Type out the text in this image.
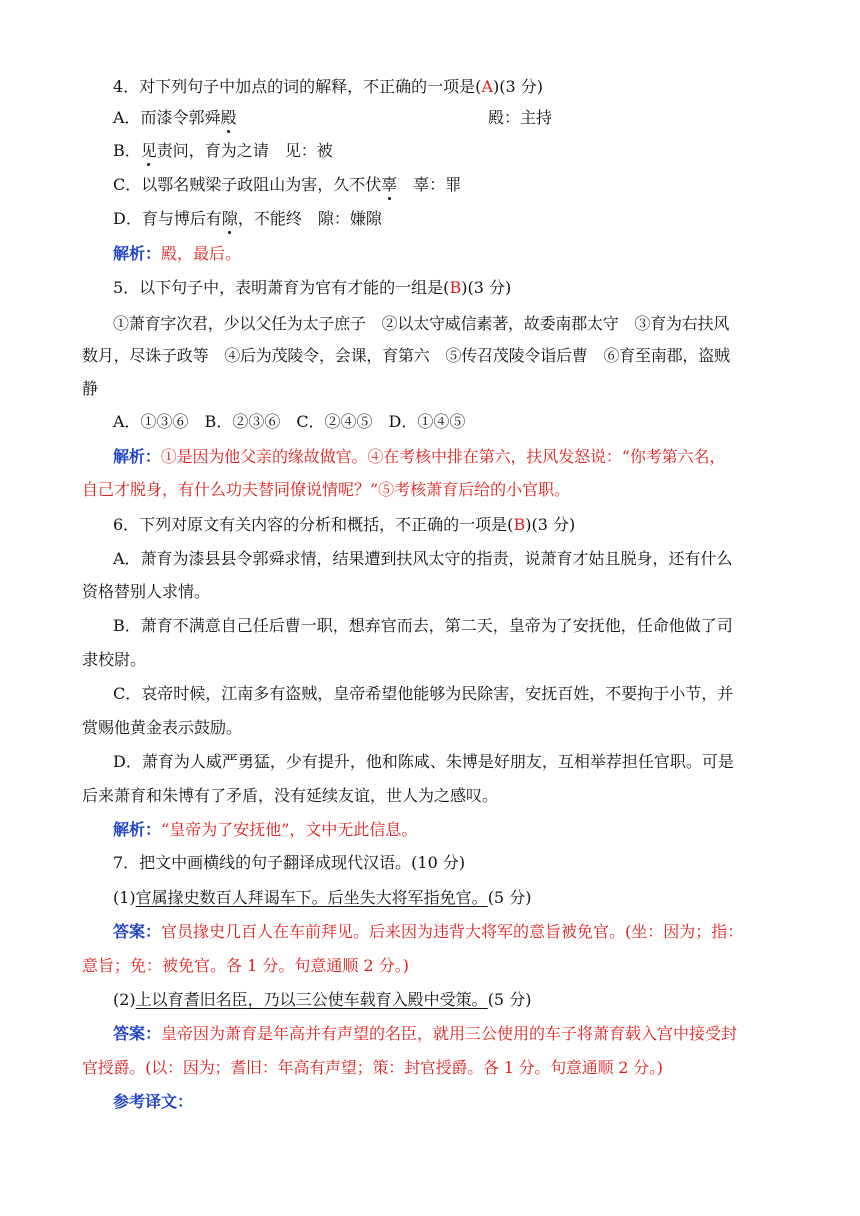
4．对下列句子中加点的词的解释，不正确的一项是(A)(3 分)
A．而漆令郭舜殿	殿：主持
B．见责问，育为之请　见：被
C．以鄂名贼梁子政阻山为害，久不伏辜　辜：罪
D．育与博后有隙，不能终　隙：嫌隙
解析：殿，最后。
5．以下句子中，表明萧育为官有才能的一组是(B)(3 分)
①萧育字次君，少以父任为太子庶子　②以太守威信素著，故委南郡太守　③育为右扶风
数月，尽诛子政等　④后为茂陵令，会课，育第六　⑤传召茂陵令诣后曹　⑥育至南郡，盗贼
静
A．①③⑥　B．②③⑥　C．②④⑤　D．①④⑤
解析：①是因为他父亲的缘故做官。④在考核中排在第六，扶风发怒说：“你考第六名，
自己才脱身，有什么功夫替同僚说情呢？”⑤考核萧育后给的小官职。
6．下列对原文有关内容的分析和概括，不正确的一项是(B)(3 分)
A．萧育为漆县县令郭舜求情，结果遭到扶风太守的指责，说萧育才姑且脱身，还有什么
资格替别人求情。
B．萧育不满意自己任后曹一职，想弃官而去，第二天，皇帝为了安抚他，任命他做了司
隶校尉。
C．哀帝时候，江南多有盗贼，皇帝希望他能够为民除害，安抚百姓，不要拘于小节，并
赏赐他黄金表示鼓励。
D．萧育为人威严勇猛，少有提升，他和陈咸、朱博是好朋友，互相举荐担任官职。可是
后来萧育和朱博有了矛盾，没有延续友谊，世人为之感叹。
解析：“皇帝为了安抚他”，文中无此信息。
7．把文中画横线的句子翻译成现代汉语。(10 分)
(1)官属掾史数百人拜谒车下。后坐失大将军指免官。(5 分)
答案：官员掾史几百人在车前拜见。后来因为违背大将军的意旨被免官。(坐：因为；指：
意旨；免：被免官。各 1 分。句意通顺 2 分。)
(2)上以育耆旧名臣，乃以三公使车载育入殿中受策。(5 分)
答案：皇帝因为萧育是年高并有声望的名臣，就用三公使用的车子将萧育载入宫中接受封
官授爵。(以：因为；耆旧：年高有声望；策：封官授爵。各 1 分。句意通顺 2 分。)
参考译文：
